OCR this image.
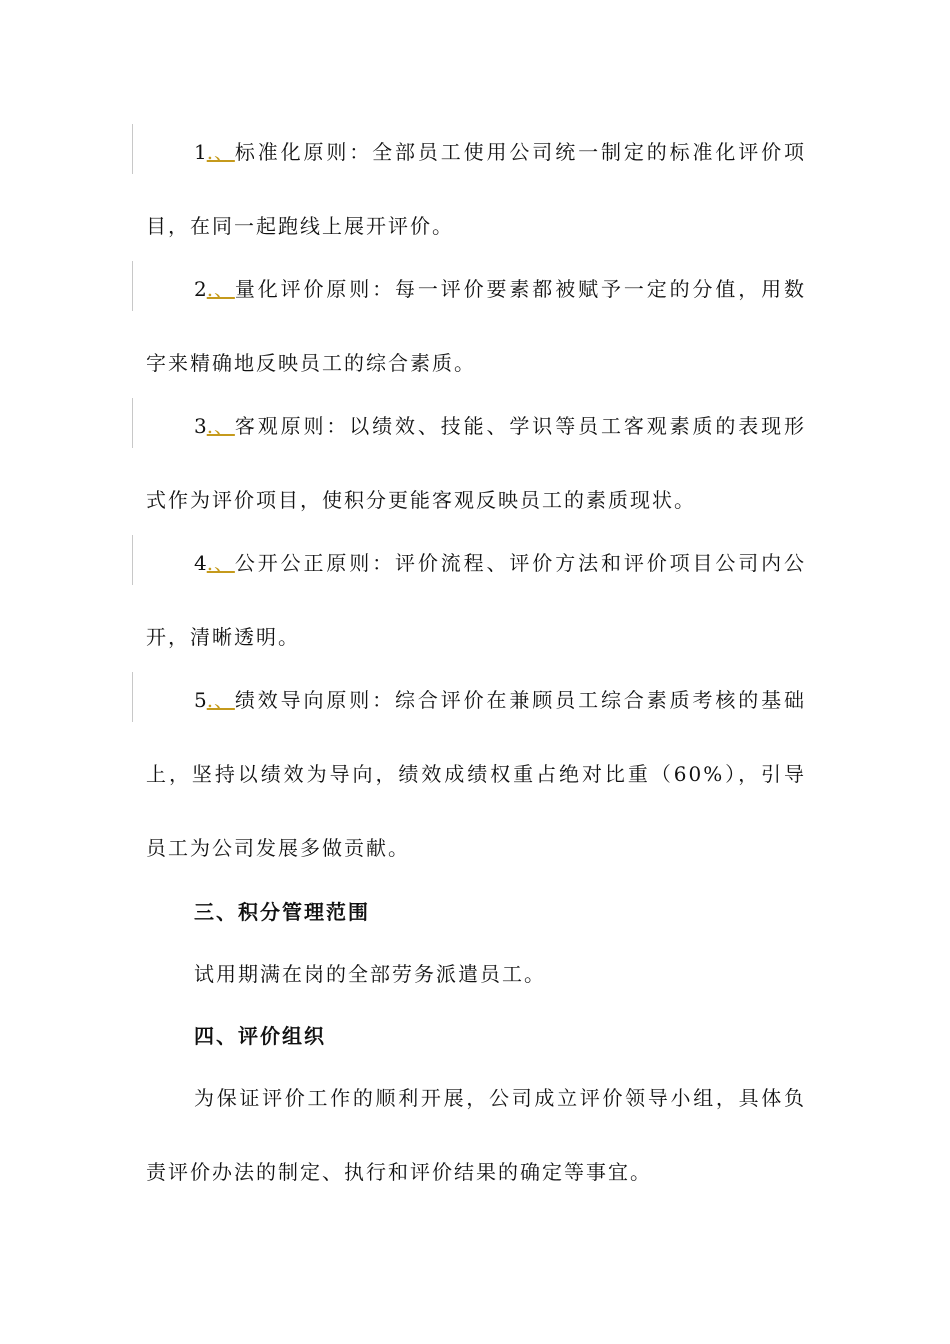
1.、标准化原则：全部员工使用公司统一制定的标准化评价项
目，在同一起跑线上展开评价。
2.、量化评价原则：每一评价要素都被赋予一定的分值，用数
字来精确地反映员工的综合素质。
3.、客观原则：以绩效、技能、学识等员工客观素质的表现形
式作为评价项目，使积分更能客观反映员工的素质现状。
4.、公开公正原则：评价流程、评价方法和评价项目公司内公
开，清晰透明。
5.、绩效导向原则：综合评价在兼顾员工综合素质考核的基础
上，坚持以绩效为导向，绩效成绩权重占绝对比重（60%），引导
员工为公司发展多做贡献。
三、积分管理范围
试用期满在岗的全部劳务派遣员工。
四、评价组织
为保证评价工作的顺利开展，公司成立评价领导小组，具体负
责评价办法的制定、执行和评价结果的确定等事宜。
